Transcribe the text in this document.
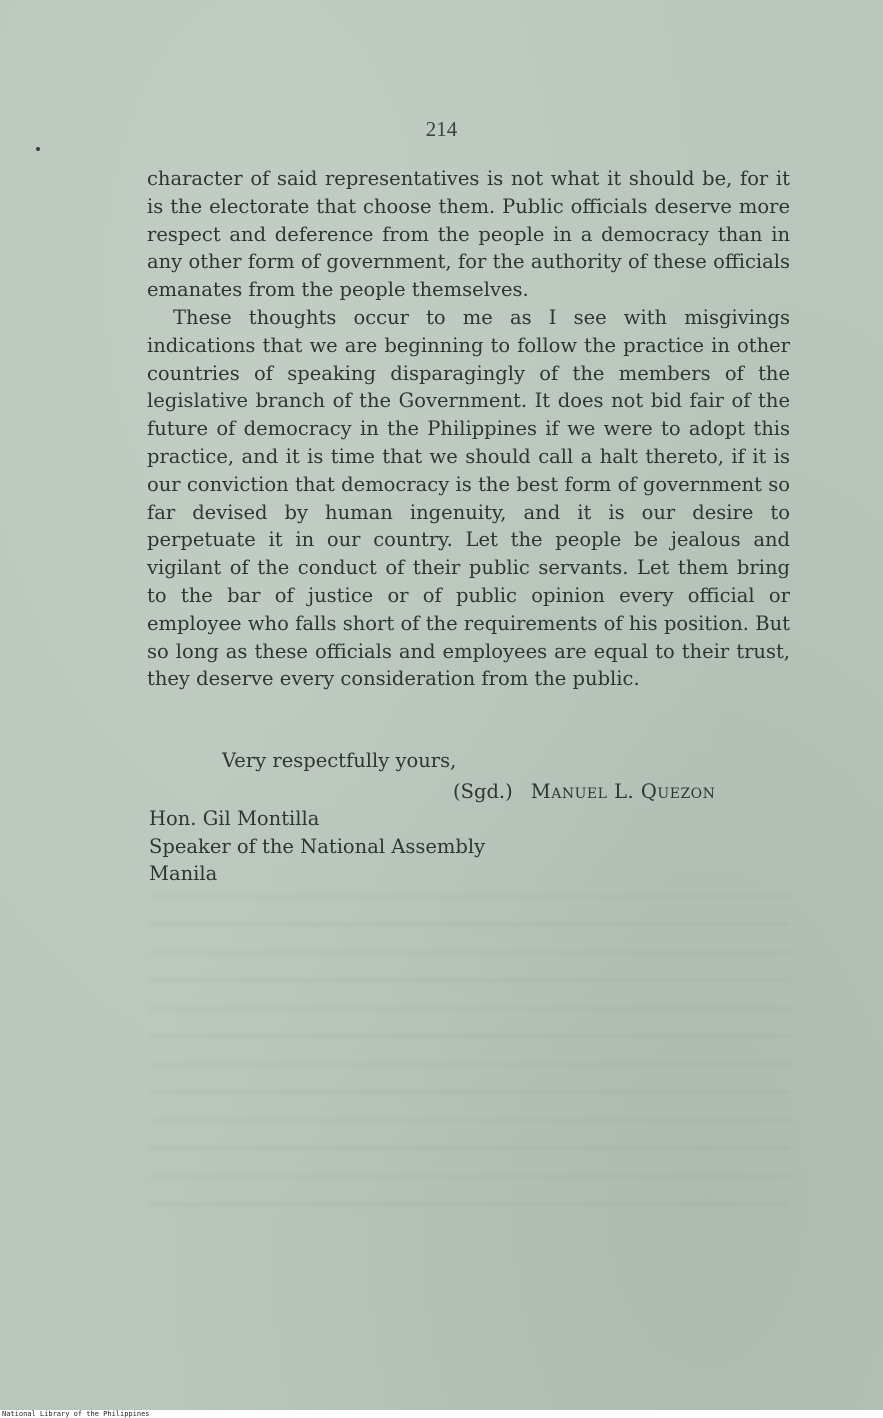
214

character of said representatives is not what it should be, for it is the electorate that choose them. Public officials deserve more respect and deference from the people in a democracy than in any other form of government, for the authority of these officials emanates from the people themselves.

These thoughts occur to me as I see with misgivings indications that we are beginning to follow the practice in other countries of speaking disparagingly of the members of the legislative branch of the Government. It does not bid fair of the future of democracy in the Philippines if we were to adopt this practice, and it is time that we should call a halt thereto, if it is our conviction that democracy is the best form of government so far devised by human ingenuity, and it is our desire to perpetuate it in our country. Let the people be jealous and vigilant of the conduct of their public servants. Let them bring to the bar of justice or of public opinion every official or employee who falls short of the requirements of his position. But so long as these officials and employees are equal to their trust, they deserve every consideration from the public.

Very respectfully yours,
(Sgd.) Manuel L. Quezon
Hon. Gil Montilla
Speaker of the National Assembly
Manila
National Library of the Philippines
